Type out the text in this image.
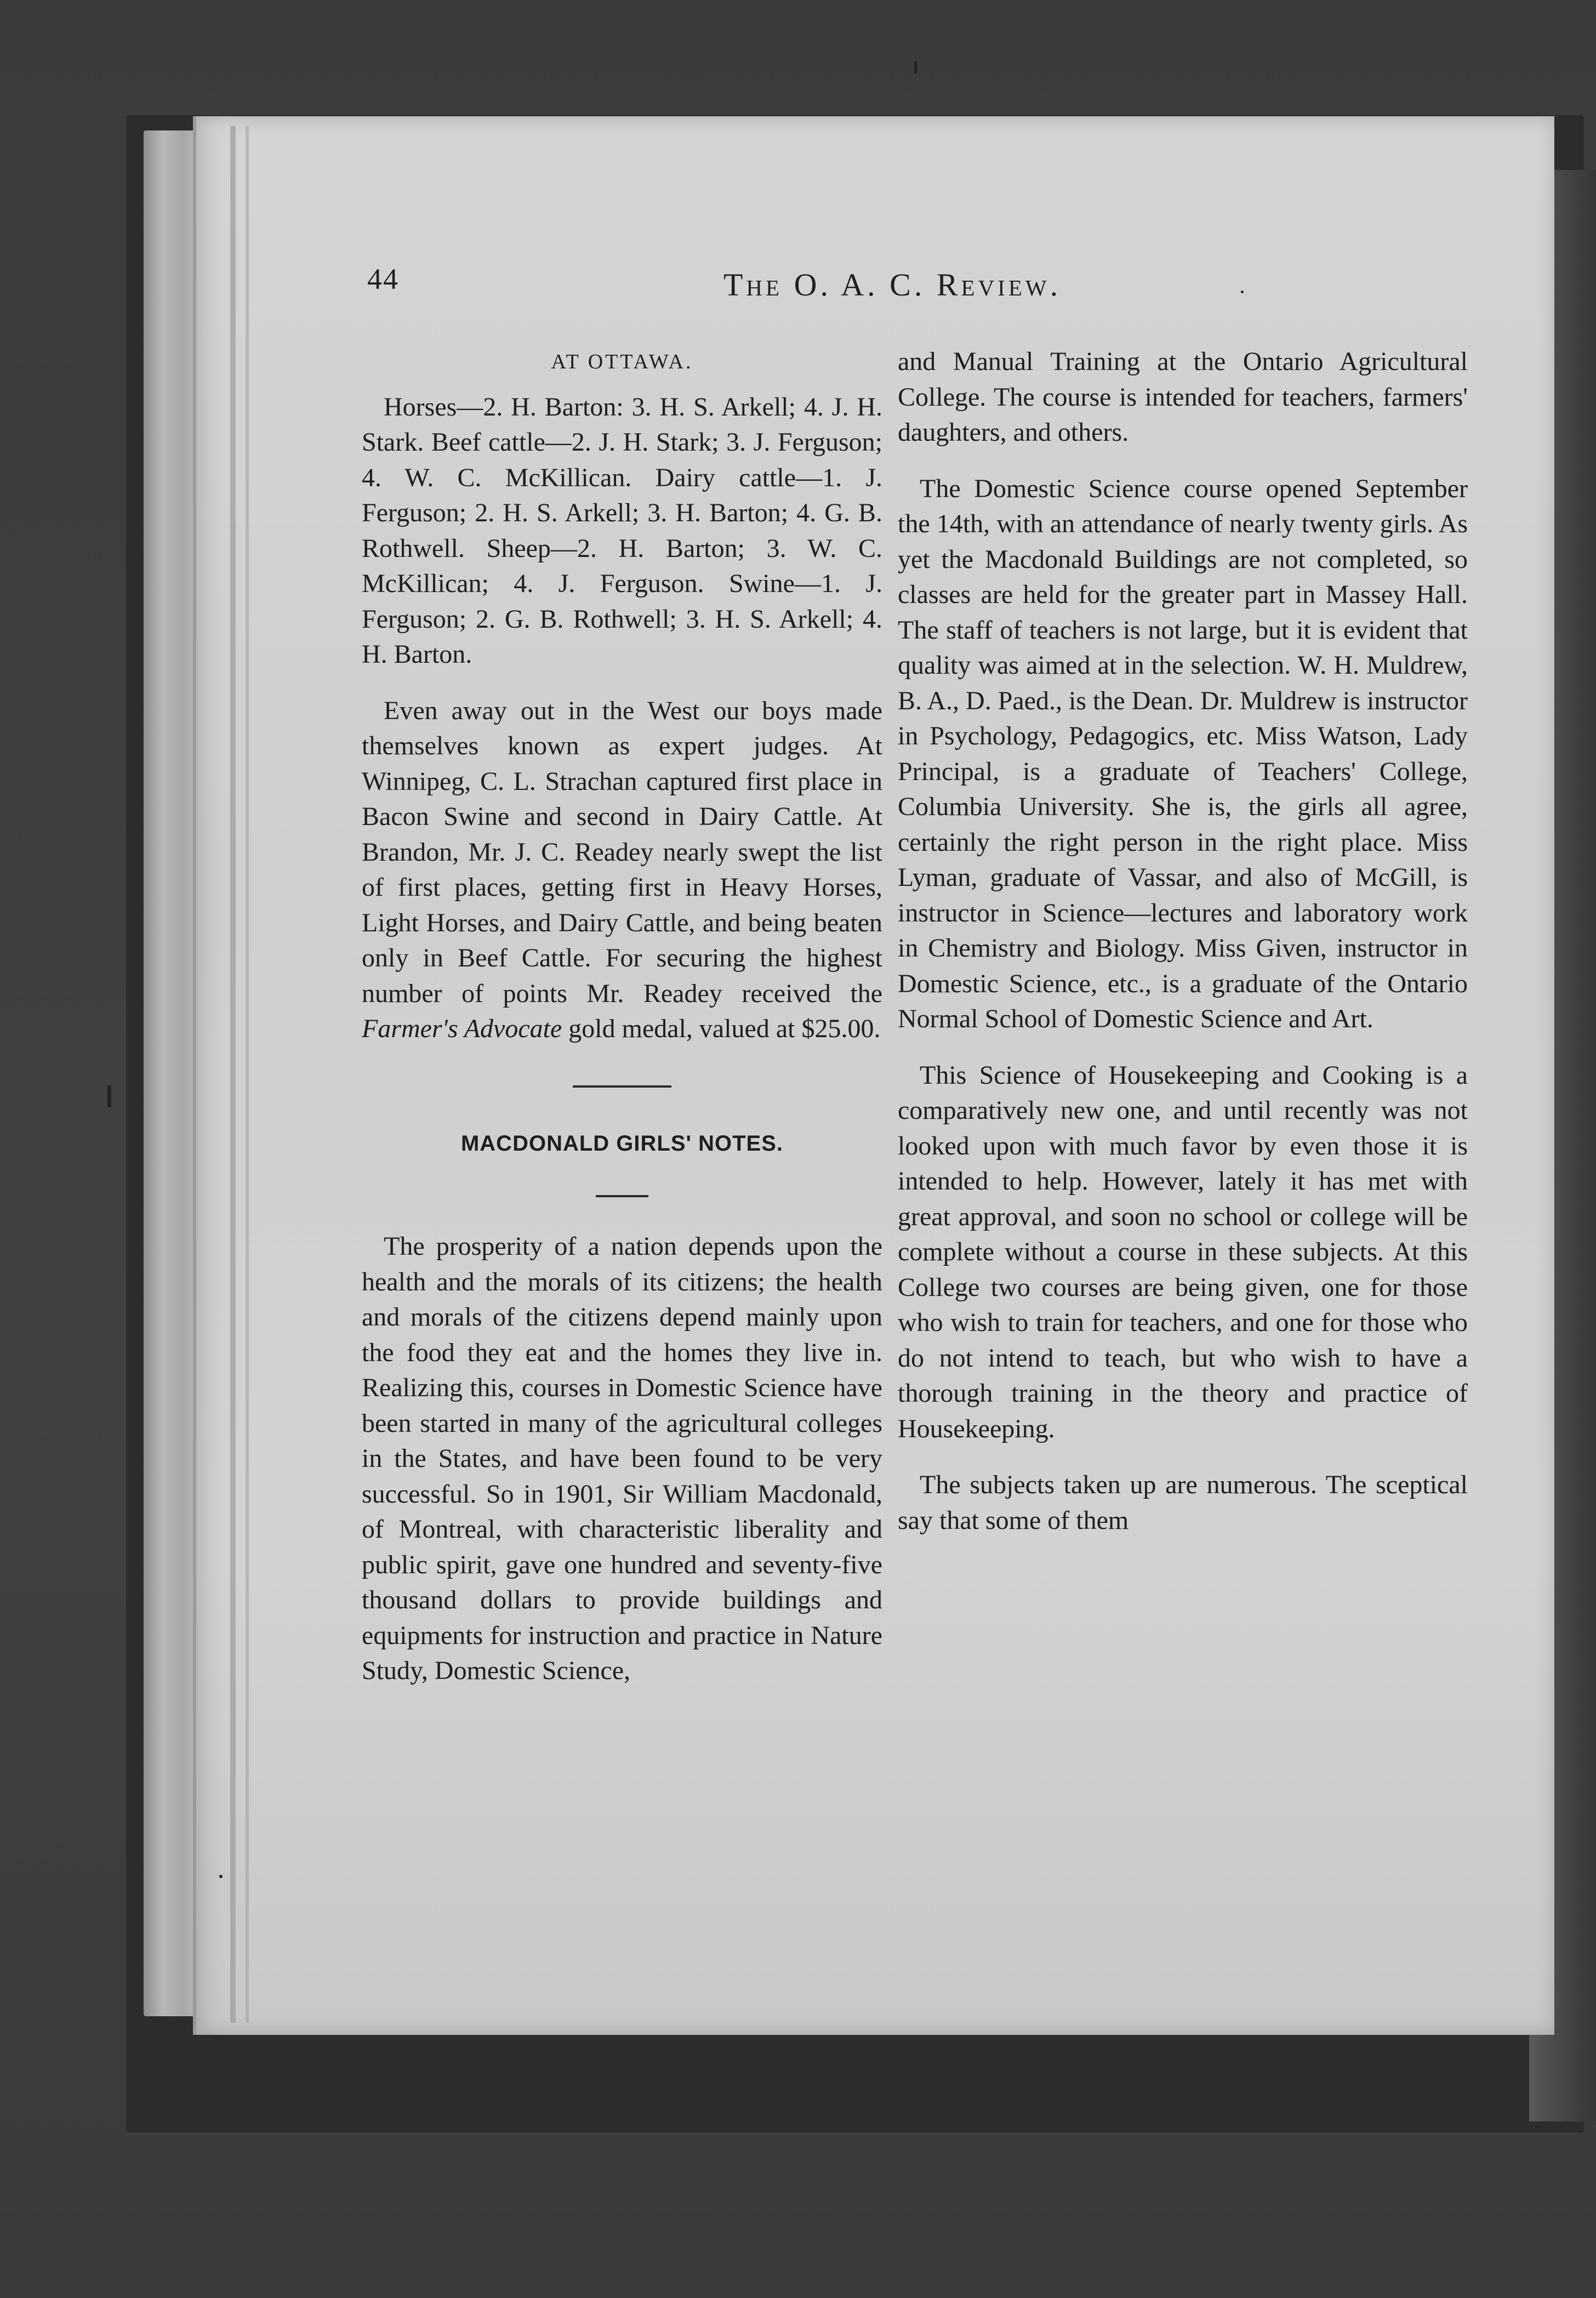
44	The O. A. C. Review.
AT OTTAWA.

Horses—2. H. Barton: 3. H. S. Arkell; 4. J. H. Stark. Beef cattle—2. J. H. Stark; 3. J. Ferguson; 4. W. C. McKillican. Dairy cattle—1. J. Ferguson; 2. H. S. Arkell; 3. H. Barton; 4. G. B. Rothwell. Sheep—2. H. Barton; 3. W. C. McKillican; 4. J. Ferguson. Swine—1. J. Ferguson; 2. G. B. Rothwell; 3. H. S. Arkell; 4. H. Barton.

Even away out in the West our boys made themselves known as expert judges. At Winnipeg, C. L. Strachan captured first place in Bacon Swine and second in Dairy Cattle. At Brandon, Mr. J. C. Readey nearly swept the list of first places, getting first in Heavy Horses, Light Horses, and Dairy Cattle, and being beaten only in Beef Cattle. For securing the highest number of points Mr. Readey received the Farmer's Advocate gold medal, valued at $25.00.

MACDONALD GIRLS' NOTES.

The prosperity of a nation depends upon the health and the morals of its citizens; the health and morals of the citizens depend mainly upon the food they eat and the homes they live in. Realizing this, courses in Domestic Science have been started in many of the agricultural colleges in the States, and have been found to be very successful. So in 1901, Sir William Macdonald, of Montreal, with characteristic liberality and public spirit, gave one hundred and seventy-five thousand dollars to provide buildings and equipments for instruction and practice in Nature Study, Domestic Science,

and Manual Training at the Ontario Agricultural College. The course is intended for teachers, farmers' daughters, and others.

The Domestic Science course opened September the 14th, with an attendance of nearly twenty girls. As yet the Macdonald Buildings are not completed, so classes are held for the greater part in Massey Hall. The staff of teachers is not large, but it is evident that quality was aimed at in the selection. W. H. Muldrew, B. A., D. Paed., is the Dean. Dr. Muldrew is instructor in Psychology, Pedagogics, etc. Miss Watson, Lady Principal, is a graduate of Teachers' College, Columbia University. She is, the girls all agree, certainly the right person in the right place. Miss Lyman, graduate of Vassar, and also of McGill, is instructor in Science—lectures and laboratory work in Chemistry and Biology. Miss Given, instructor in Domestic Science, etc., is a graduate of the Ontario Normal School of Domestic Science and Art.

This Science of Housekeeping and Cooking is a comparatively new one, and until recently was not looked upon with much favor by even those it is intended to help. However, lately it has met with great approval, and soon no school or college will be complete without a course in these subjects. At this College two courses are being given, one for those who wish to train for teachers, and one for those who do not intend to teach, but who wish to have a thorough training in the theory and practice of Housekeeping.

The subjects taken up are numerous. The sceptical say that some of them
